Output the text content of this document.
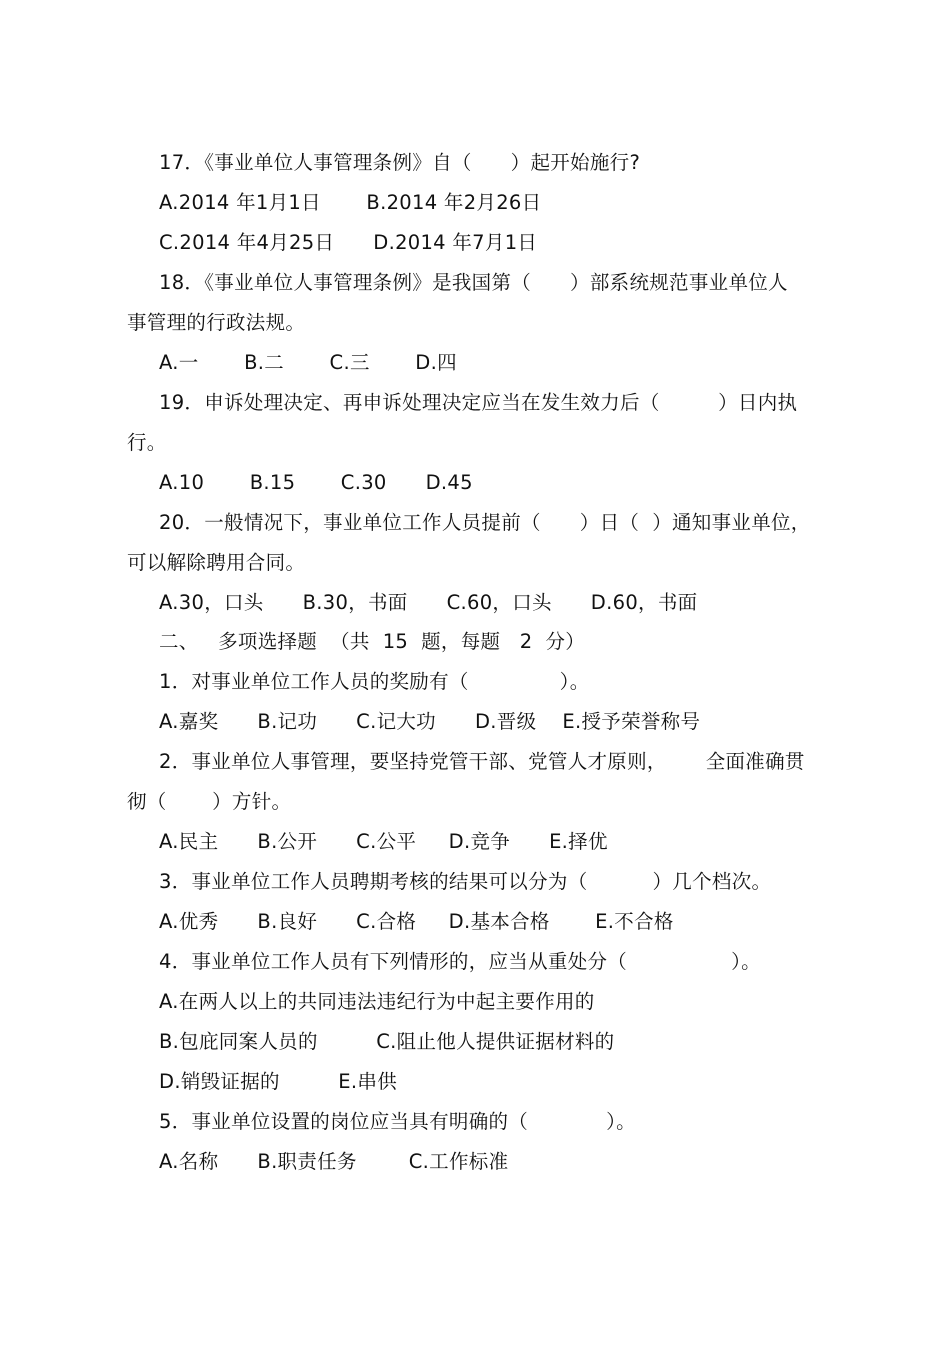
17．《事业单位人事管理条例》自（      ）起开始施行?
A.2014 年1月1日       B.2014 年2月26日
C.2014 年4月25日      D.2014 年7月1日
18．《事业单位人事管理条例》是我国第（      ）部系统规范事业单位人
事管理的行政法规。
A.一       B.二       C.三       D.四
19．申诉处理决定、再申诉处理决定应当在发生效力后（         ）日内执
行。
A.10       B.15       C.30      D.45
20．一般情况下，事业单位工作人员提前（      ）日（  ）通知事业单位，
可以解除聘用合同。
A.30，口头      B.30，书面      C.60，口头      D.60，书面
二、   多项选择题  （共  15  题，每题   2  分）
1．对事业单位工作人员的奖励有（              ）。
A.嘉奖      B.记功      C.记大功      D.晋级    E.授予荣誉称号
2．事业单位人事管理，要坚持党管干部、党管人才原则，      全面准确贯
彻（       ）方针。
A.民主      B.公开      C.公平     D.竞争      E.择优
3．事业单位工作人员聘期考核的结果可以分为（          ）几个档次。
A.优秀      B.良好      C.合格     D.基本合格       E.不合格
4．事业单位工作人员有下列情形的，应当从重处分（                ）。
A.在两人以上的共同违法违纪行为中起主要作用的
B.包庇同案人员的         C.阻止他人提供证据材料的
D.销毁证据的         E.串供
5．事业单位设置的岗位应当具有明确的（            ）。
A.名称      B.职责任务        C.工作标准
